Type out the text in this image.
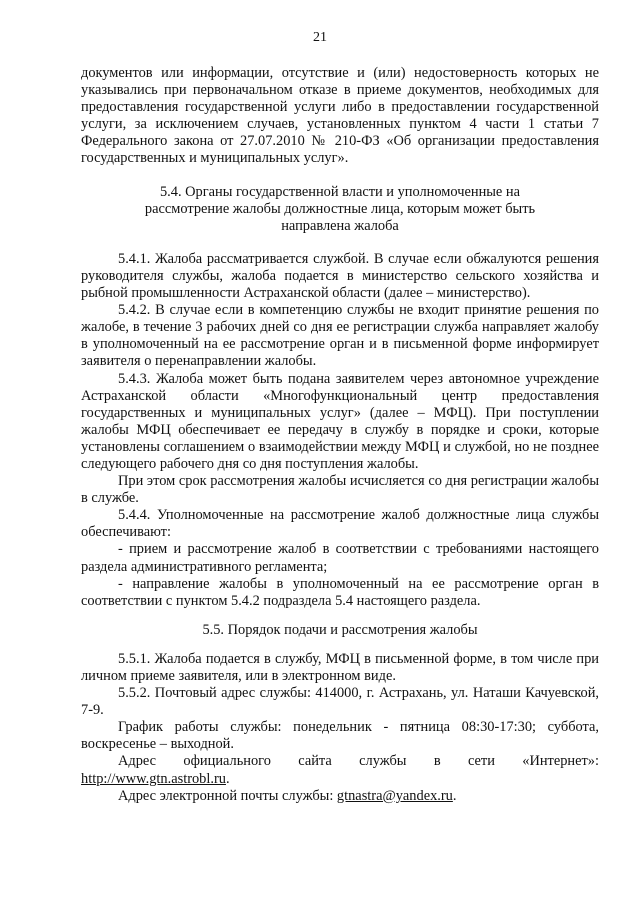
21

документов или информации, отсутствие и (или) недостоверность которых не указывались при первоначальном отказе в приеме документов, необходимых для предоставления государственной услуги либо в предоставлении государственной услуги, за исключением случаев, установленных пунктом 4 части 1 статьи 7 Федерального закона от 27.07.2010 № 210-ФЗ «Об организации предоставления государственных и муниципальных услуг».

5.4. Органы государственной власти и уполномоченные на рассмотрение жалобы должностные лица, которым может быть направлена жалоба

5.4.1. Жалоба рассматривается службой. В случае если обжалуются решения руководителя службы, жалоба подается в министерство сельского хозяйства и рыбной промышленности Астраханской области (далее – министерство).

5.4.2. В случае если в компетенцию службы не входит принятие решения по жалобе, в течение 3 рабочих дней со дня ее регистрации служба направляет жалобу в уполномоченный на ее рассмотрение орган и в письменной форме информирует заявителя о перенаправлении жалобы.

5.4.3. Жалоба может быть подана заявителем через автономное учреждение Астраханской области «Многофункциональный центр предоставления государственных и муниципальных услуг» (далее – МФЦ). При поступлении жалобы МФЦ обеспечивает ее передачу в службу в порядке и сроки, которые установлены соглашением о взаимодействии между МФЦ и службой, но не позднее следующего рабочего дня со дня поступления жалобы.

При этом срок рассмотрения жалобы исчисляется со дня регистрации жалобы в службе.

5.4.4. Уполномоченные на рассмотрение жалоб должностные лица службы обеспечивают:

- прием и рассмотрение жалоб в соответствии с требованиями настоящего раздела административного регламента;

- направление жалобы в уполномоченный на ее рассмотрение орган в соответствии с пунктом 5.4.2 подраздела 5.4 настоящего раздела.

5.5. Порядок подачи и рассмотрения жалобы

5.5.1. Жалоба подается в службу, МФЦ в письменной форме, в том числе при личном приеме заявителя, или в электронном виде.

5.5.2. Почтовый адрес службы: 414000, г. Астрахань, ул. Наташи Качуевской, 7-9.

График работы службы: понедельник - пятница 08:30-17:30; суббота, воскресенье – выходной.

Адрес официального сайта службы в сети «Интернет»: http://www.gtn.astrobl.ru.

Адрес электронной почты службы: gtnastra@yandex.ru.
